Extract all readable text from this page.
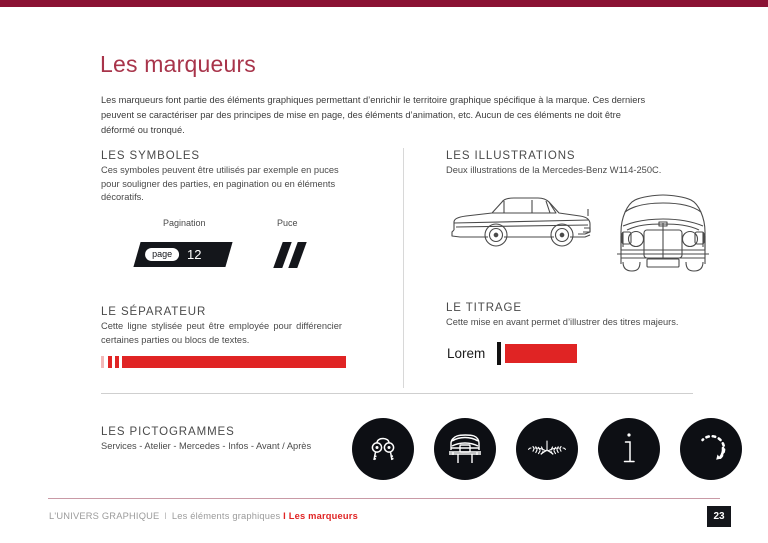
Les marqueurs

Les marqueurs font partie des éléments graphiques permettant d’enrichir le territoire graphique spécifique à la marque. Ces derniers peuvent se caractériser par des principes de mise en page, des éléments d’animation, etc. Aucun de ces éléments ne doit être déformé ou tronqué.

LES SYMBOLES

Ces symboles peuvent être utilisés par exemple en puces pour souligner des parties, en pagination ou en éléments décoratifs.

Pagination	Puce
page	12
LE SÉPARATEUR

Cette ligne stylisée peut être employée pour différencier certaines parties ou blocs de textes.

LES ILLUSTRATIONS

Deux illustrations de la Mercedes-Benz W114-250C.

LE TITRAGE

Cette mise en avant permet d’illustrer des titres majeurs.

Lorem
LES PICTOGRAMMES

Services - Atelier - Mercedes - Infos - Avant / Après

L'UNIVERS GRAPHIQUE I Les éléments graphiques I Les marqueurs	23
